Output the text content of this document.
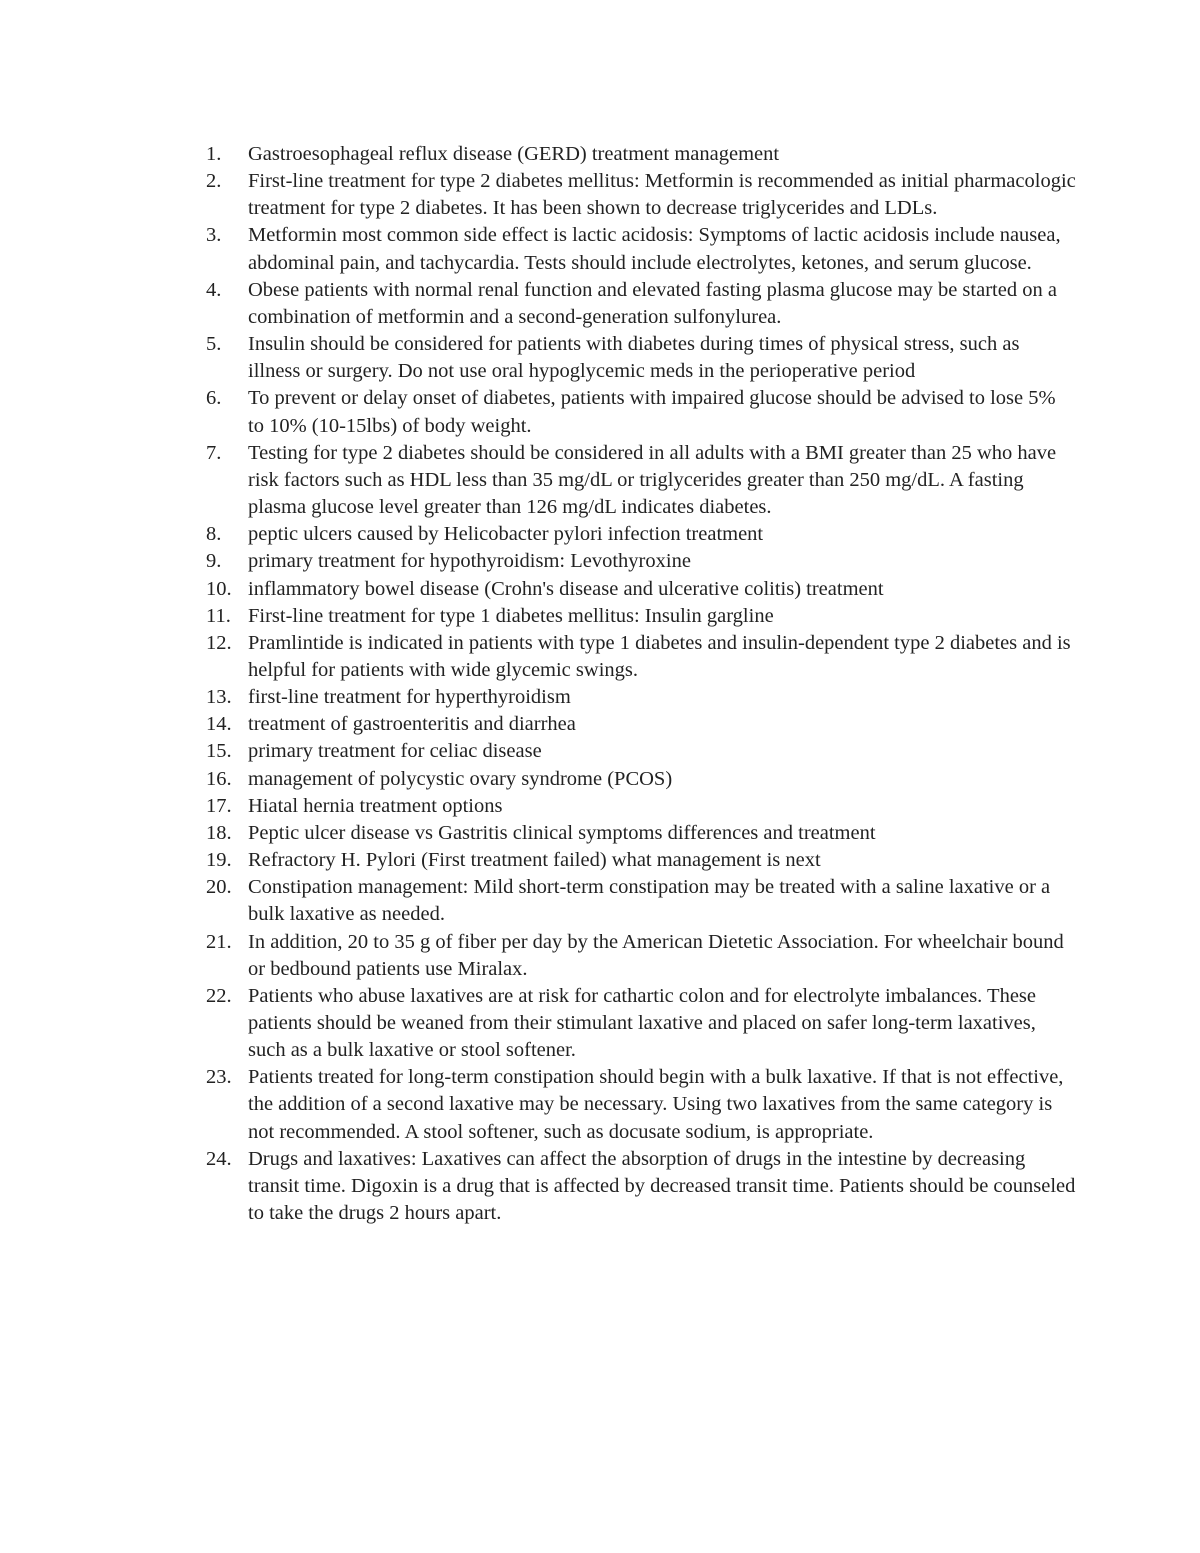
1.	Gastroesophageal reflux disease (GERD) treatment management
2.	First-line treatment for type 2 diabetes mellitus: Metformin is recommended as initial pharmacologic treatment for type 2 diabetes. It has been shown to decrease triglycerides and LDLs.
3.	Metformin most common side effect is lactic acidosis: Symptoms of lactic acidosis include nausea, abdominal pain, and tachycardia. Tests should include electrolytes, ketones, and serum glucose.
4.	Obese patients with normal renal function and elevated fasting plasma glucose may be started on a combination of metformin and a second-generation sulfonylurea.
5.	Insulin should be considered for patients with diabetes during times of physical stress, such as illness or surgery. Do not use oral hypoglycemic meds in the perioperative period
6.	To prevent or delay onset of diabetes, patients with impaired glucose should be advised to lose 5% to 10% (10-15lbs) of body weight.
7.	Testing for type 2 diabetes should be considered in all adults with a BMI greater than 25 who have risk factors such as HDL less than 35 mg/dL or triglycerides greater than 250 mg/dL. A fasting plasma glucose level greater than 126 mg/dL indicates diabetes.
8.	peptic ulcers caused by Helicobacter pylori infection treatment
9.	primary treatment for hypothyroidism: Levothyroxine
10. inflammatory bowel disease (Crohn's disease and ulcerative colitis) treatment
11. First-line treatment for type 1 diabetes mellitus: Insulin gargline
12. Pramlintide is indicated in patients with type 1 diabetes and insulin-dependent type 2 diabetes and is helpful for patients with wide glycemic swings.
13. first-line treatment for hyperthyroidism
14. treatment of gastroenteritis and diarrhea
15. primary treatment for celiac disease
16. management of polycystic ovary syndrome (PCOS)
17. Hiatal hernia treatment options
18. Peptic ulcer disease vs Gastritis clinical symptoms differences and treatment
19. Refractory H. Pylori (First treatment failed) what management is next
20. Constipation management: Mild short-term constipation may be treated with a saline laxative or a bulk laxative as needed.
21. In addition, 20 to 35 g of fiber per day by the American Dietetic Association. For wheelchair bound or bedbound patients use Miralax.
22. Patients who abuse laxatives are at risk for cathartic colon and for electrolyte imbalances. These patients should be weaned from their stimulant laxative and placed on safer long-term laxatives, such as a bulk laxative or stool softener.
23. Patients treated for long-term constipation should begin with a bulk laxative. If that is not effective, the addition of a second laxative may be necessary. Using two laxatives from the same category is not recommended. A stool softener, such as docusate sodium, is appropriate.
24. Drugs and laxatives: Laxatives can affect the absorption of drugs in the intestine by decreasing transit time. Digoxin is a drug that is affected by decreased transit time. Patients should be counseled to take the drugs 2 hours apart.
